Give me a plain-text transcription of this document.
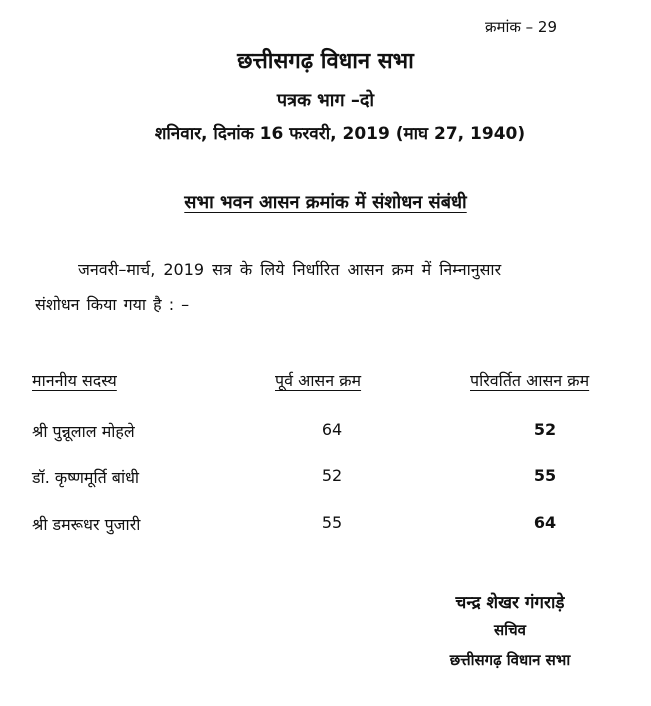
क्रमांक – 29
छत्तीसगढ़ विधान सभा
पत्रक भाग –दो
शनिवार, दिनांक 16 फरवरी, 2019 (माघ 27, 1940)
सभा भवन आसन क्रमांक में संशोधन संबंधी
जनवरी–मार्च, 2019 सत्र के लिये निर्धारित आसन क्रम में निम्नानुसार
संशोधन किया गया है : –
माननीय सदस्य	पूर्व आसन क्रम	परिवर्तित आसन क्रम
श्री पुन्नूलाल मोहले	64	52
डॉ. कृष्णमूर्ति बांधी	52	55
श्री डमरूधर पुजारी	55	64
चन्द्र शेखर गंगराड़े
सचिव
छत्तीसगढ़ विधान सभा
